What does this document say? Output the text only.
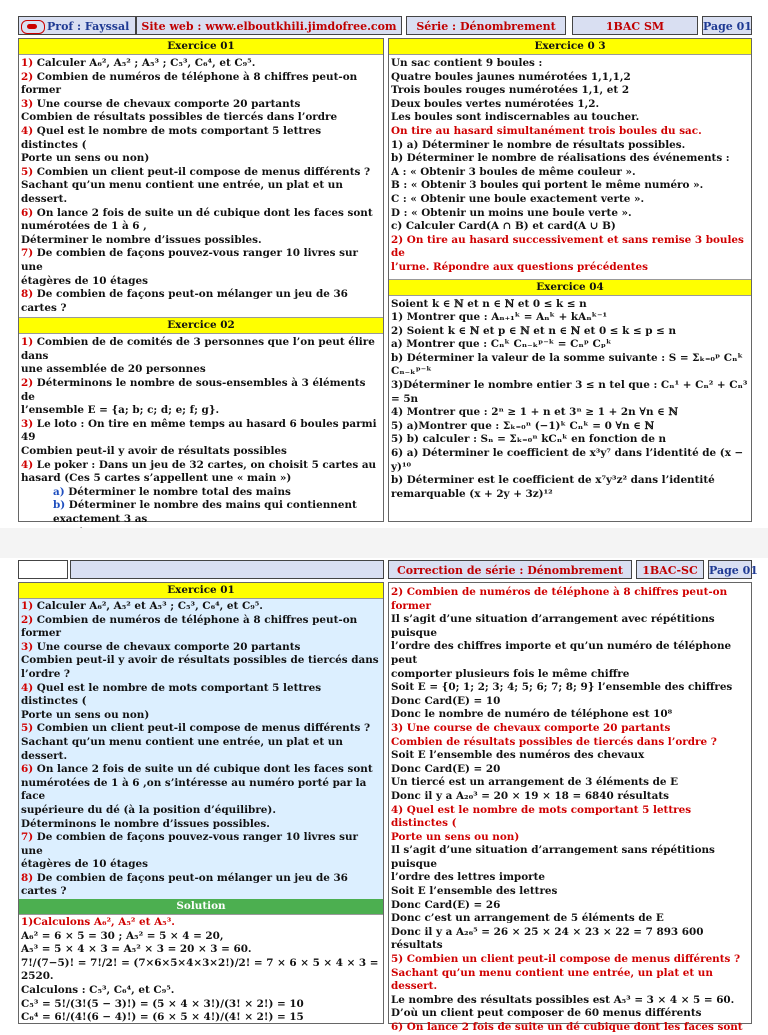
Prof : Fayssal	Site web : www.elboutkhili.jimdofree.com	Série : Dénombrement	1BAC SM	Page 01
Exercice 01

1) Calculer A₆², A₅² ; A₅³ ; C₅³, C₆⁴, et C₉⁵.

2) Combien de numéros de téléphone à 8 chiffres peut-on former

3) Une course de chevaux comporte 20 partants

Combien de résultats possibles de tiercés dans l’ordre

4) Quel est le nombre de mots comportant 5 lettres distinctes (

Porte un sens ou non)

5) Combien un client peut-il compose de menus différents ?

Sachant qu’un menu contient une entrée, un plat et un dessert.

6) On lance 2 fois de suite un dé cubique dont les faces sont

numérotées de 1 à 6 ,

Déterminer le nombre d’issues possibles.

7) De combien de façons pouvez-vous ranger 10 livres sur une

étagères de 10 étages

8) De combien de façons peut-on mélanger un jeu de 36 cartes ?

Exercice 02

1) Combien de de comités de 3 personnes que l’on peut élire dans

une assemblée de 20 personnes

2) Déterminons le nombre de sous-ensembles à 3 éléments de

l’ensemble E = {a; b; c; d; e; f; g}.

3) Le loto : On tire en même temps au hasard 6 boules parmi 49

Combien peut-il y avoir de résultats possibles

4) Le poker : Dans un jeu de 32 cartes, on choisit 5 cartes au

hasard (Ces 5 cartes s’appellent une « main »)

a) Déterminer le nombre total des mains

b) Déterminer le nombre des mains qui contiennent

exactement 3 as

Exercice 0 3

Un sac contient 9 boules :

Quatre boules jaunes numérotées 1,1,1,2

Trois boules rouges numérotées 1,1, et 2

Deux boules vertes numérotées 1,2.

Les boules sont indiscernables au toucher.

On tire au hasard simultanément trois boules du sac.

1) a) Déterminer le nombre de résultats possibles.

b) Déterminer le nombre de réalisations des événements :

A : « Obtenir 3 boules de même couleur ».

B : « Obtenir 3 boules qui portent le même numéro ».

C : « Obtenir une boule exactement verte ».

D : « Obtenir un moins une boule verte ».

c) Calculer Card(A ∩ B) et card(A ∪ B)

2) On tire au hasard successivement et sans remise 3 boules de

l’urne. Répondre aux questions précédentes

Exercice 04

Soient k ∈ ℕ et n ∈ ℕ et 0 ≤ k ≤ n

1) Montrer que : Aₙ₊₁ᵏ = Aₙᵏ + kAₙᵏ⁻¹

2) Soient k ∈ ℕ et p ∈ ℕ et n ∈ ℕ et 0 ≤ k ≤ p ≤ n

a) Montrer que : Cₙᵏ Cₙ₋ₖᵖ⁻ᵏ = Cₙᵖ Cₚᵏ

b) Déterminer la valeur de la somme suivante : S = Σₖ₌₀ᵖ Cₙᵏ Cₙ₋ₖᵖ⁻ᵏ

3)Déterminer le nombre entier 3 ≤ n tel que : Cₙ¹ + Cₙ² + Cₙ³ = 5n

4) Montrer que : 2ⁿ ≥ 1 + n et 3ⁿ ≥ 1 + 2n ∀n ∈ ℕ

5) a)Montrer que : Σₖ₌₀ⁿ (−1)ᵏ Cₙᵏ = 0 ∀n ∈ ℕ

5) b) calculer : Sₙ = Σₖ₌₀ⁿ kCₙᵏ en fonction de n

6) a) Déterminer le coefficient de x³y⁷ dans l’identité de (x − y)¹⁰

b) Déterminer est le coefficient de x⁷y³z² dans l’identité

remarquable (x + 2y + 3z)¹²

Correction de série : Dénombrement	1BAC-SC	Page 01
Exercice 01

1) Calculer A₆², A₅² et A₅³ ; C₅³, C₆⁴, et C₉⁵.

2) Combien de numéros de téléphone à 8 chiffres peut-on former

3) Une course de chevaux comporte 20 partants

Combien peut-il y avoir de résultats possibles de tiercés dans

l’ordre ?

4) Quel est le nombre de mots comportant 5 lettres distinctes (

Porte un sens ou non)

5) Combien un client peut-il compose de menus différents ?

Sachant qu’un menu contient une entrée, un plat et un dessert.

6) On lance 2 fois de suite un dé cubique dont les faces sont

numérotées de 1 à 6 ,on s’intéresse au numéro porté par la face

supérieure du dé (à la position d’équilibre).

Déterminons le nombre d’issues possibles.

7) De combien de façons pouvez-vous ranger 10 livres sur une

étagères de 10 étages

8) De combien de façons peut-on mélanger un jeu de 36 cartes ?

Solution

1)Calculons A₆², A₅² et A₅³.

A₆² = 6 × 5 = 30 ; A₅² = 5 × 4 = 20,

A₅³ = 5 × 4 × 3 = A₅² × 3 = 20 × 3 = 60.

7!/(7−5)! = 7!/2! = (7×6×5×4×3×2!)/2! = 7 × 6 × 5 × 4 × 3 = 2520.

Calculons : C₅³, C₆⁴, et C₉⁵.

C₅³ = 5!/(3!(5 − 3)!) = (5 × 4 × 3!)/(3! × 2!) = 10

C₆⁴ = 6!/(4!(6 − 4)!) = (6 × 5 × 4!)/(4! × 2!) = 15

2) Combien de numéros de téléphone à 8 chiffres peut-on former

Il s’agit d’une situation d’arrangement avec répétitions puisque

l’ordre des chiffres importe et qu’un numéro de téléphone peut

comporter plusieurs fois le même chiffre

Soit E = {0; 1; 2; 3; 4; 5; 6; 7; 8; 9} l’ensemble des chiffres

Donc Card(E) = 10

Donc le nombre de numéro de téléphone est 10⁸

3) Une course de chevaux comporte 20 partants

Combien de résultats possibles de tiercés dans l’ordre ?

Soit E l’ensemble des numéros des chevaux

Donc Card(E) = 20

Un tiercé est un arrangement de 3 éléments de E

Donc il y a A₂₀³ = 20 × 19 × 18 = 6840 résultats

4) Quel est le nombre de mots comportant 5 lettres distinctes (

Porte un sens ou non)

Il s’agit d’une situation d’arrangement sans répétitions puisque

l’ordre des lettres importe

Soit E l’ensemble des lettres

Donc Card(E) = 26

Donc c’est un arrangement de 5 éléments de E

Donc il y a A₂₆⁵ = 26 × 25 × 24 × 23 × 22 = 7 893 600 résultats

5) Combien un client peut-il compose de menus différents ?

Sachant qu’un menu contient une entrée, un plat et un dessert.

Le nombre des résultats possibles est A₅³ = 3 × 4 × 5 = 60.

D’où un client peut composer de 60 menus différents

6) On lance 2 fois de suite un dé cubique dont les faces sont
